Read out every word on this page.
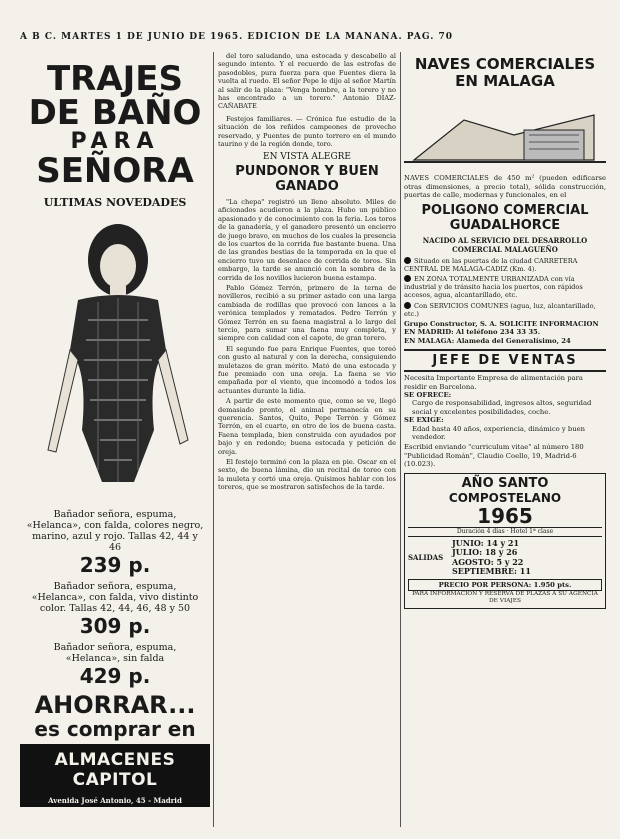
A B C. MARTES 1 DE JUNIO DE 1965. EDICION DE LA MAÑANA. PAG. 70
TRAJES
DE BAÑO
PARA
SEÑORA
ULTIMAS NOVEDADES
Bañador señora, espuma, «Helanca», con falda, colores negro, marino, azul y rojo. Tallas 42, 44 y 46
239 p.
Bañador señora, espuma, «Helanca», con falda, vivo distinto color. Tallas 42, 44, 46, 48 y 50
309 p.
Bañador señora, espuma, «Helanca», sin falda
429 p.
AHORRAR...
es comprar en
ALMACENES CAPITOL
Avenida José Antonio, 45 - Madrid

del toro saludando, una estocada y descabello al segundo intento. Y el recuerdo de las estrofas de pasodobles, pura fuerza para que Fuentes diera la vuelta al ruedo. El señor Pepe le dijo al señor Martín al salir de la plaza: "Venga hombre, a la torero y no has encontrado a un torero." Antonio DIAZ-CAÑABATE

Festejos familiares. — Crónica fue estudio de la situación de los reñidos campeones de provecho reservado, y Puentes de punto torrero en el mundo taurino y de la región donde, toro.

EN VISTA ALEGRE
PUNDONOR Y BUEN GANADO

"La chepa" registró un lleno absoluto. Miles de aficionados acudieron a la plaza. Hubo un público apasionado y de conocimiento con la feria. Los toros de la ganadería, y el ganadero presentó un encierro de juego bravo, en muchos de los cuales la presencia de los cuartos de la corrida fue bastante buena. Una de las grandes bestias de la temporada en la que el encierro tuvo un desenlace de corrida de toros. Sin embargo, la tarde se anunció con la sombra de la corrida de los novillos lucieron buena estampa.

Pablo Gómez Terrón, primero de la terna de novilleros, recibió a su primer astado con una larga cambiada de rodillas que provocó con lances a la verónica templados y rematados. Pedro Terrón y Gómez Terrón en su faena magistral a lo largo del tercio, para sumar una faena muy completa, y siempre con calidad con el capote, de gran torero.

El segundo fue para Enrique Fuentes, que toreó con gusto al natural y con la derecha, consiguiendo muletazos de gran mérito. Mató de una estocada y fue premiado con una oreja. La faena se vio empañada por el viento, que incomodó a todos los actuantes durante la lidia.

A partir de este momento que, como se ve, llegó demasiado pronto, el animal permanecía en su querencia. Santos, Quito, Pepe Terrón y Gómez Terrón, en el cuarto, en otro de los de buena casta. Faena templada, bien construida con ayudados por bajo y en redondo; buena estocada y petición de oreja.

El festejo terminó con la plaza en pie. Oscar en el sexto, de buena lámina, dio un recital de toreo con la muleta y cortó una oreja. Quisimos hablar con los toreros, que se mostraron satisfechos de la tarde.

NAVES COMERCIALES
EN MALAGA
NAVES COMERCIALES de 450 m² (pueden edificarse otras dimensiones, a precio total), sólida construcción, puertas de calle, modernas y funcionales, en el
POLIGONO COMERCIAL
GUADALHORCE
NACIDO AL SERVICIO DEL DESARROLLO COMERCIAL MALAGUEÑO
Situado en las puertas de la ciudad CARRETERA CENTRAL DE MALAGA-CADIZ (Km. 4).
EN ZONA TOTALMENTE URBANIZADA con vía industrial y de tránsito hacia los puertos, con rápidos accesos, agua, alcantarillado, etc.
Con SERVICIOS COMUNES (agua, luz, alcantarillado, etc.)
Grupo Constructor, S. A. SOLICITE INFORMACION EN MADRID: Al teléfono 234 33 35.
EN MALAGA: Alameda del Generalísimo, 24
JEFE DE VENTAS
Necesita Importante Empresa de alimentación para residir en Barcelona.
SE OFRECE:
Cargo de responsabilidad, ingresos altos, seguridad social y excelentes posibilidades, coche.
SE EXIGE:
Edad hasta 40 años, experiencia, dinámico y buen vendedor.
Escribid enviando "curriculum vitae" al número 180 "Publicidad Román", Claudio Coello, 19, Madrid-6 (10.023).
AÑO SANTO
COMPOSTELANO
1965
Duración 4 días · Hotel 1ª clase
SALIDAS
JUNIO: 14 y 21
JULIO: 18 y 26
AGOSTO: 5 y 22
SEPTIEMBRE: 11
PRECIO POR PERSONA: 1.950 pts.
PARA INFORMACION Y RESERVA DE PLAZAS A SU AGENCIA DE VIAJES
